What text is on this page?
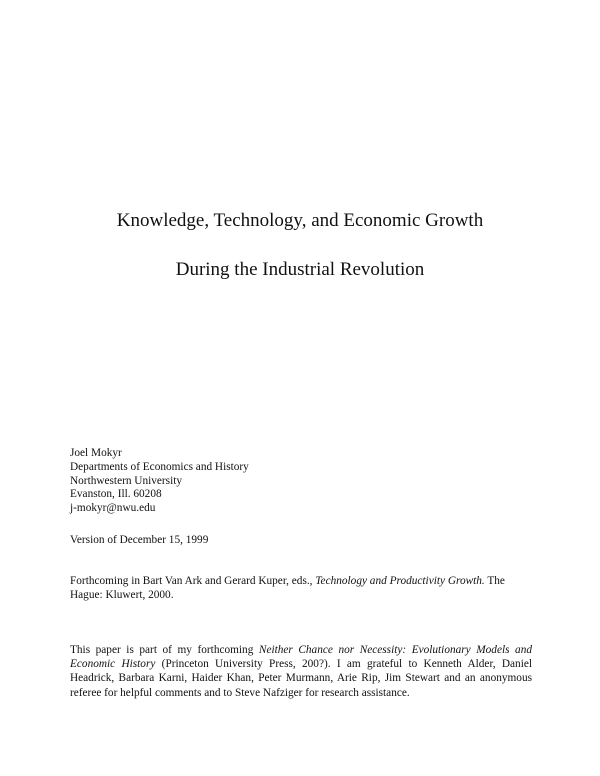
Knowledge, Technology, and Economic Growth
During the Industrial Revolution
Joel Mokyr
Departments of Economics and History
Northwestern University
Evanston, Ill. 60208
j-mokyr@nwu.edu

Version of December 15, 1999

Forthcoming in Bart Van Ark and Gerard Kuper, eds., Technology and Productivity Growth. The
Hague: Kluwert, 2000.

This paper is part of my forthcoming Neither Chance nor Necessity: Evolutionary Models and
Economic History (Princeton University Press, 200?). I am grateful to Kenneth Alder, Daniel
Headrick, Barbara Karni, Haider Khan, Peter Murmann, Arie Rip, Jim Stewart and an anonymous
referee for helpful comments and to Steve Nafziger for research assistance.
